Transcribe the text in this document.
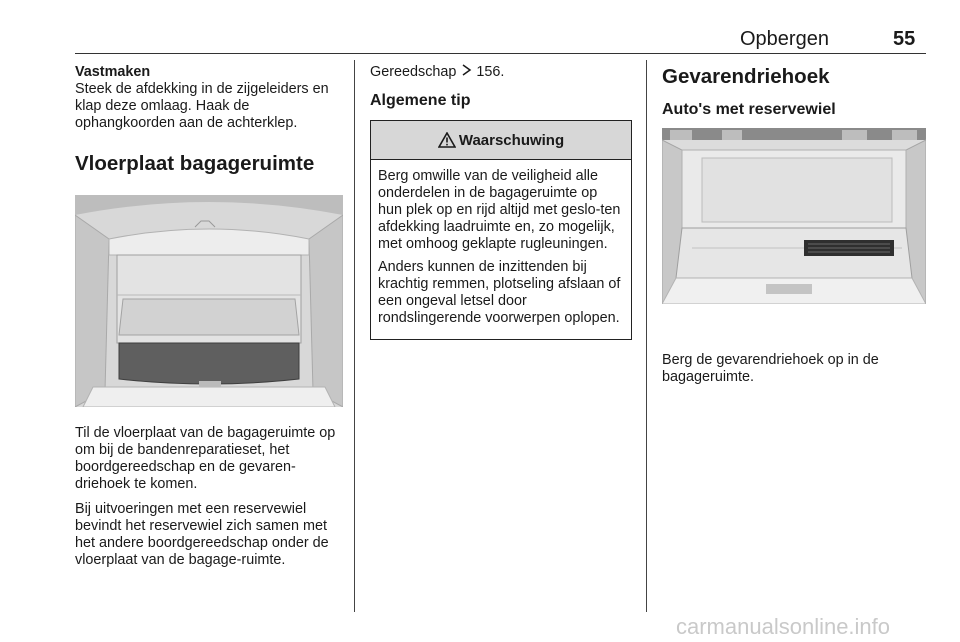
Opbergen	55

Vastmaken

Steek de afdekking in de zijgeleiders en klap deze omlaag. Haak de ophangkoorden aan de achterklep.

Vloerplaat bagageruimte

Til de vloerplaat van de bagageruimte op om bij de bandenreparatieset, het boordgereedschap en de gevaren-driehoek te komen.

Bij uitvoeringen met een reservewiel bevindt het reservewiel zich samen met het andere boordgereedschap onder de vloerplaat van de bagage-ruimte.

Gereedschap 156.

Algemene tip
Waarschuwing

Berg omwille van de veiligheid alle onderdelen in de bagageruimte op hun plek op en rijd altijd met geslo-ten afdekking laadruimte en, zo mogelijk, met omhoog geklapte rugleuningen.

Anders kunnen de inzittenden bij krachtig remmen, plotseling afslaan of een ongeval letsel door rondslingerende voorwerpen oplopen.

Gevarendriehoek
Auto's met reservewiel

Berg de gevarendriehoek op in de bagageruimte.

carmanualsonline.info
